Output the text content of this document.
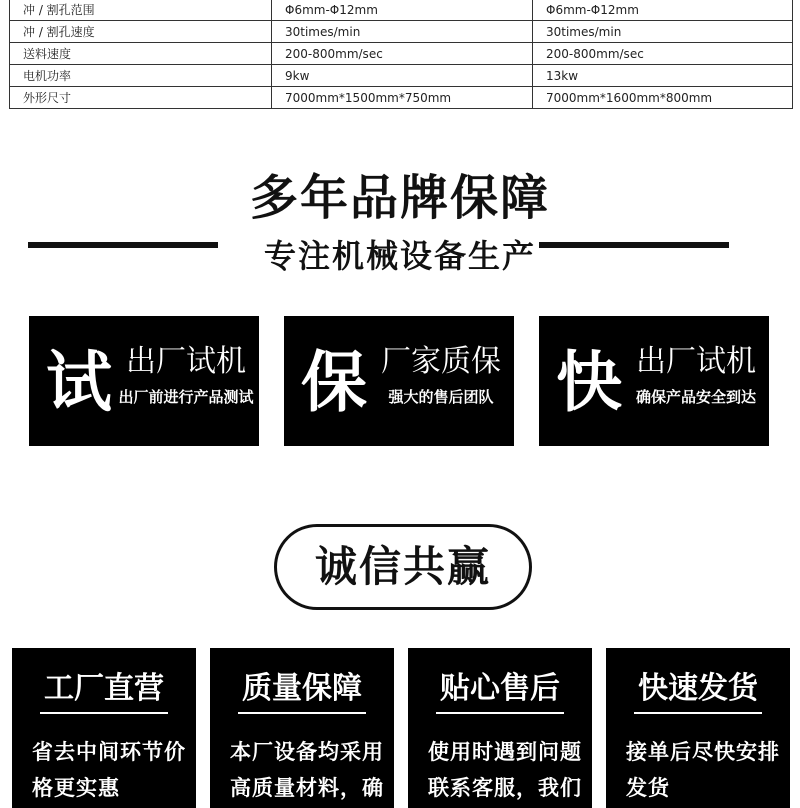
冲 / 割孔范围	Φ6mm-Φ12mm	Φ6mm-Φ12mm
冲 / 割孔速度	30times/min	30times/min
送料速度	200-800mm/sec	200-800mm/sec
电机功率	9kw	13kw
外形尺寸	7000mm*1500mm*750mm	7000mm*1600mm*800mm
多年品牌保障
专注机械设备生产
试 出厂试机
出厂前进行产品测试 保 厂家质保
强大的售后团队 快 出厂试机
确保产品安全到达
诚信共赢
工厂直营
省去中间环节价
格更实惠
质量保障
本厂设备均采用
高质量材料，确
贴心售后
使用时遇到问题
联系客服，我们
快速发货
接单后尽快安排
发货
